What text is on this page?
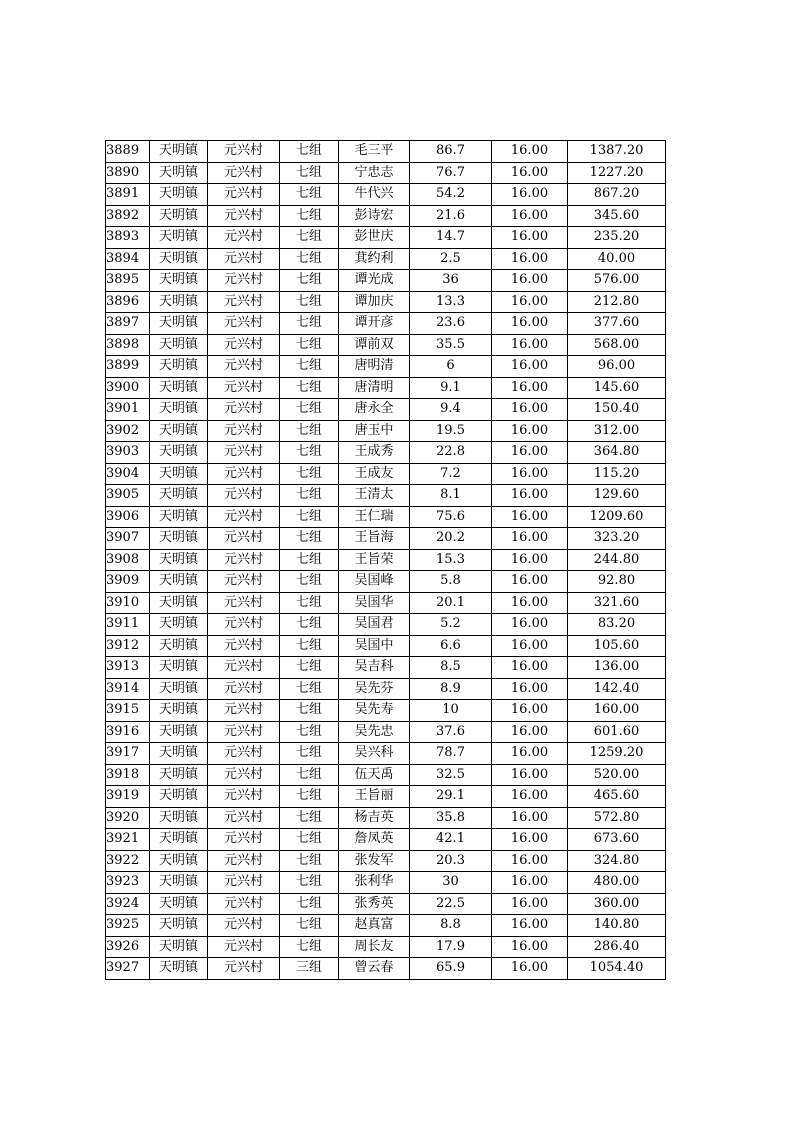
3889	天明镇	元兴村	七组	毛三平	86.7	16.00	1387.20
3890	天明镇	元兴村	七组	宁忠志	76.7	16.00	1227.20
3891	天明镇	元兴村	七组	牛代兴	54.2	16.00	867.20
3892	天明镇	元兴村	七组	彭诗宏	21.6	16.00	345.60
3893	天明镇	元兴村	七组	彭世庆	14.7	16.00	235.20
3894	天明镇	元兴村	七组	萁约利	2.5	16.00	40.00
3895	天明镇	元兴村	七组	谭光成	36	16.00	576.00
3896	天明镇	元兴村	七组	谭加庆	13.3	16.00	212.80
3897	天明镇	元兴村	七组	谭开彦	23.6	16.00	377.60
3898	天明镇	元兴村	七组	谭前双	35.5	16.00	568.00
3899	天明镇	元兴村	七组	唐明清	6	16.00	96.00
3900	天明镇	元兴村	七组	唐清明	9.1	16.00	145.60
3901	天明镇	元兴村	七组	唐永全	9.4	16.00	150.40
3902	天明镇	元兴村	七组	唐玉中	19.5	16.00	312.00
3903	天明镇	元兴村	七组	王成秀	22.8	16.00	364.80
3904	天明镇	元兴村	七组	王成友	7.2	16.00	115.20
3905	天明镇	元兴村	七组	王清太	8.1	16.00	129.60
3906	天明镇	元兴村	七组	王仁瑞	75.6	16.00	1209.60
3907	天明镇	元兴村	七组	王旨海	20.2	16.00	323.20
3908	天明镇	元兴村	七组	王旨荣	15.3	16.00	244.80
3909	天明镇	元兴村	七组	吴国峰	5.8	16.00	92.80
3910	天明镇	元兴村	七组	吴国华	20.1	16.00	321.60
3911	天明镇	元兴村	七组	吴国君	5.2	16.00	83.20
3912	天明镇	元兴村	七组	吴国中	6.6	16.00	105.60
3913	天明镇	元兴村	七组	吴吉科	8.5	16.00	136.00
3914	天明镇	元兴村	七组	吴先芬	8.9	16.00	142.40
3915	天明镇	元兴村	七组	吴先寿	10	16.00	160.00
3916	天明镇	元兴村	七组	吴先忠	37.6	16.00	601.60
3917	天明镇	元兴村	七组	吴兴科	78.7	16.00	1259.20
3918	天明镇	元兴村	七组	伍天禹	32.5	16.00	520.00
3919	天明镇	元兴村	七组	王旨丽	29.1	16.00	465.60
3920	天明镇	元兴村	七组	杨吉英	35.8	16.00	572.80
3921	天明镇	元兴村	七组	詹凤英	42.1	16.00	673.60
3922	天明镇	元兴村	七组	张发军	20.3	16.00	324.80
3923	天明镇	元兴村	七组	张利华	30	16.00	480.00
3924	天明镇	元兴村	七组	张秀英	22.5	16.00	360.00
3925	天明镇	元兴村	七组	赵真富	8.8	16.00	140.80
3926	天明镇	元兴村	七组	周长友	17.9	16.00	286.40
3927	天明镇	元兴村	三组	曾云春	65.9	16.00	1054.40
